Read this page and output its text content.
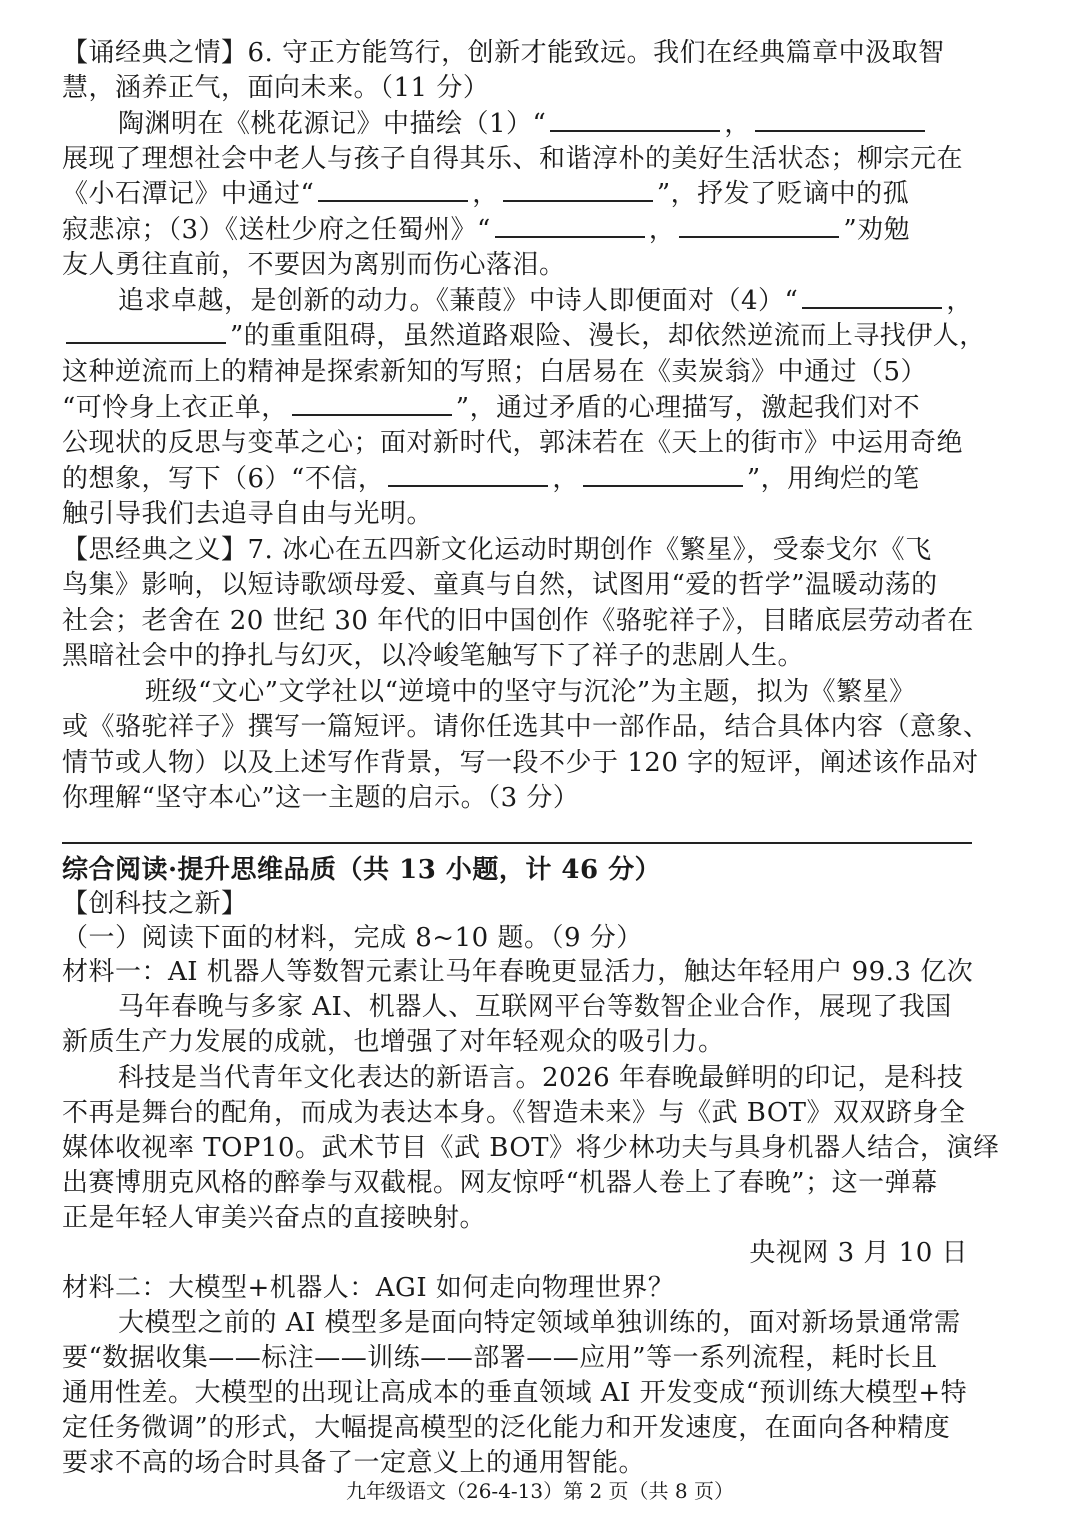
【诵经典之情】6. 守正方能笃行，创新才能致远。我们在经典篇章中汲取智
慧，涵养正气，面向未来。（11 分）
陶渊明在《桃花源记》中描绘（1）“	，
展现了理想社会中老人与孩子自得其乐、和谐淳朴的美好生活状态；柳宗元在
《小石潭记》中通过“	，	”，抒发了贬谪中的孤
寂悲凉；（3）《送杜少府之任蜀州》“	，	”劝勉
友人勇往直前，不要因为离别而伤心落泪。
追求卓越，是创新的动力。《蒹葭》中诗人即便面对（4）“	，
”的重重阻碍，虽然道路艰险、漫长，却依然逆流而上寻找伊人，
这种逆流而上的精神是探索新知的写照；白居易在《卖炭翁》中通过（5）
“可怜身上衣正单，	”，通过矛盾的心理描写，激起我们对不
公现状的反思与变革之心；面对新时代，郭沫若在《天上的街市》中运用奇绝
的想象，写下（6）“不信，	，	”，用绚烂的笔
触引导我们去追寻自由与光明。
【思经典之义】7. 冰心在五四新文化运动时期创作《繁星》，受泰戈尔《飞
鸟集》影响，以短诗歌颂母爱、童真与自然，试图用“爱的哲学”温暖动荡的
社会；老舍在 20 世纪 30 年代的旧中国创作《骆驼祥子》，目睹底层劳动者在
黑暗社会中的挣扎与幻灭，以冷峻笔触写下了祥子的悲剧人生。
班级“文心”文学社以“逆境中的坚守与沉沦”为主题，拟为《繁星》
或《骆驼祥子》撰写一篇短评。请你任选其中一部作品，结合具体内容（意象、
情节或人物）以及上述写作背景，写一段不少于 120 字的短评，阐述该作品对
你理解“坚守本心”这一主题的启示。（3 分）
综合阅读·提升思维品质（共 13 小题，计 46 分）
【创科技之新】
（一）阅读下面的材料，完成 8~10 题。（9 分）
材料一：AI 机器人等数智元素让马年春晚更显活力，触达年轻用户 99.3 亿次
马年春晚与多家 AI、机器人、互联网平台等数智企业合作，展现了我国
新质生产力发展的成就，也增强了对年轻观众的吸引力。
科技是当代青年文化表达的新语言。2026 年春晚最鲜明的印记，是科技
不再是舞台的配角，而成为表达本身。《智造未来》与《武 BOT》双双跻身全
媒体收视率 TOP10。武术节目《武 BOT》将少林功夫与具身机器人结合，演绎
出赛博朋克风格的醉拳与双截棍。网友惊呼“机器人卷上了春晚”；这一弹幕
正是年轻人审美兴奋点的直接映射。
央视网 3 月 10 日
材料二：大模型+机器人：AGI 如何走向物理世界？
大模型之前的 AI 模型多是面向特定领域单独训练的，面对新场景通常需
要“数据收集——标注——训练——部署——应用”等一系列流程，耗时长且
通用性差。大模型的出现让高成本的垂直领域 AI 开发变成“预训练大模型+特
定任务微调”的形式，大幅提高模型的泛化能力和开发速度，在面向各种精度
要求不高的场合时具备了一定意义上的通用智能。
九年级语文（26-4-13）第 2 页（共 8 页）
